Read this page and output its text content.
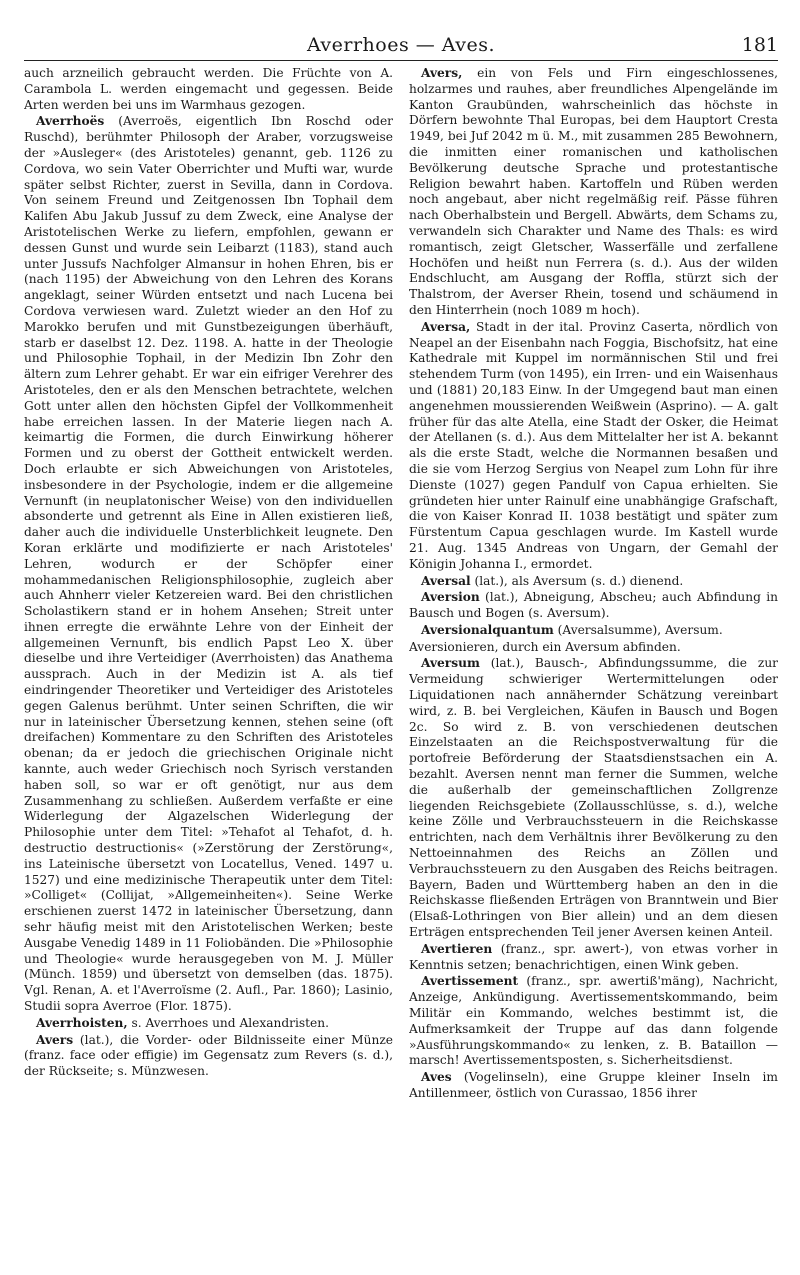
Averrhoes — Aves.	181

auch arzneilich gebraucht werden. Die Früchte von A. Carambola L. werden eingemacht und gegessen. Beide Arten werden bei uns im Warmhaus gezogen.

Averrhoës (Averroës, eigentlich Ibn Roschd oder Ruschd), berühmter Philosoph der Araber, vorzugsweise der »Ausleger« (des Aristoteles) genannt, geb. 1126 zu Cordova, wo sein Vater Oberrichter und Mufti war, wurde später selbst Richter, zuerst in Sevilla, dann in Cordova. Von seinem Freund und Zeitgenossen Ibn Tophail dem Kalifen Abu Jakub Jussuf zu dem Zweck, eine Analyse der Aristotelischen Werke zu liefern, empfohlen, gewann er dessen Gunst und wurde sein Leibarzt (1183), stand auch unter Jussufs Nachfolger Almansur in hohen Ehren, bis er (nach 1195) der Abweichung von den Lehren des Korans angeklagt, seiner Würden entsetzt und nach Lucena bei Cordova verwiesen ward. Zuletzt wieder an den Hof zu Marokko berufen und mit Gunstbezeigungen überhäuft, starb er daselbst 12. Dez. 1198. A. hatte in der Theologie und Philosophie Tophail, in der Medizin Ibn Zohr den ältern zum Lehrer gehabt. Er war ein eifriger Verehrer des Aristoteles, den er als den Menschen betrachtete, welchen Gott unter allen den höchsten Gipfel der Vollkommenheit habe erreichen lassen. In der Materie liegen nach A. keimartig die Formen, die durch Einwirkung höherer Formen und zu oberst der Gottheit entwickelt werden. Doch erlaubte er sich Abweichungen von Aristoteles, insbesondere in der Psychologie, indem er die allgemeine Vernunft (in neuplatonischer Weise) von den individuellen absonderte und getrennt als Eine in Allen existieren ließ, daher auch die individuelle Unsterblichkeit leugnete. Den Koran erklärte und modifizierte er nach Aristoteles' Lehren, wodurch er der Schöpfer einer mohammedanischen Religionsphilosophie, zugleich aber auch Ahnherr vieler Ketzereien ward. Bei den christlichen Scholastikern stand er in hohem Ansehen; Streit unter ihnen erregte die erwähnte Lehre von der Einheit der allgemeinen Vernunft, bis endlich Papst Leo X. über dieselbe und ihre Verteidiger (Averrhoisten) das Anathema aussprach. Auch in der Medizin ist A. als tief eindringender Theoretiker und Verteidiger des Aristoteles gegen Galenus berühmt. Unter seinen Schriften, die wir nur in lateinischer Übersetzung kennen, stehen seine (oft dreifachen) Kommentare zu den Schriften des Aristoteles obenan; da er jedoch die griechischen Originale nicht kannte, auch weder Griechisch noch Syrisch verstanden haben soll, so war er oft genötigt, nur aus dem Zusammenhang zu schließen. Außerdem verfaßte er eine Widerlegung der Algazelschen Widerlegung der Philosophie unter dem Titel: »Tehafot al Tehafot, d. h. destructio destructionis« (»Zerstörung der Zerstörung«, ins Lateinische übersetzt von Locatellus, Vened. 1497 u. 1527) und eine medizinische Therapeutik unter dem Titel: »Colliget« (Collijat, »Allgemeinheiten«). Seine Werke erschienen zuerst 1472 in lateinischer Übersetzung, dann sehr häufig meist mit den Aristotelischen Werken; beste Ausgabe Venedig 1489 in 11 Foliobänden. Die »Philosophie und Theologie« wurde herausgegeben von M. J. Müller (Münch. 1859) und übersetzt von demselben (das. 1875). Vgl. Renan, A. et l'Averroïsme (2. Aufl., Par. 1860); Lasinio, Studii sopra Averroe (Flor. 1875).

Averrhoisten, s. Averrhoes und Alexandristen.

Avers (lat.), die Vorder- oder Bildnisseite einer Münze (franz. face oder effigie) im Gegensatz zum Revers (s. d.), der Rückseite; s. Münzwesen.

Avers, ein von Fels und Firn eingeschlossenes, holzarmes und rauhes, aber freundliches Alpengelände im Kanton Graubünden, wahrscheinlich das höchste in Dörfern bewohnte Thal Europas, bei dem Hauptort Cresta 1949, bei Juf 2042 m ü. M., mit zusammen 285 Bewohnern, die inmitten einer romanischen und katholischen Bevölkerung deutsche Sprache und protestantische Religion bewahrt haben. Kartoffeln und Rüben werden noch angebaut, aber nicht regelmäßig reif. Pässe führen nach Oberhalbstein und Bergell. Abwärts, dem Schams zu, verwandeln sich Charakter und Name des Thals: es wird romantisch, zeigt Gletscher, Wasserfälle und zerfallene Hochöfen und heißt nun Ferrera (s. d.). Aus der wilden Endschlucht, am Ausgang der Roffla, stürzt sich der Thalstrom, der Averser Rhein, tosend und schäumend in den Hinterrhein (noch 1089 m hoch).

Aversa, Stadt in der ital. Provinz Caserta, nördlich von Neapel an der Eisenbahn nach Foggia, Bischofsitz, hat eine Kathedrale mit Kuppel im normännischen Stil und frei stehendem Turm (von 1495), ein Irren- und ein Waisenhaus und (1881) 20,183 Einw. In der Umgegend baut man einen angenehmen moussierenden Weißwein (Asprino). — A. galt früher für das alte Atella, eine Stadt der Osker, die Heimat der Atellanen (s. d.). Aus dem Mittelalter her ist A. bekannt als die erste Stadt, welche die Normannen besaßen und die sie vom Herzog Sergius von Neapel zum Lohn für ihre Dienste (1027) gegen Pandulf von Capua erhielten. Sie gründeten hier unter Rainulf eine unabhängige Grafschaft, die von Kaiser Konrad II. 1038 bestätigt und später zum Fürstentum Capua geschlagen wurde. Im Kastell wurde 21. Aug. 1345 Andreas von Ungarn, der Gemahl der Königin Johanna I., ermordet.

Aversal (lat.), als Aversum (s. d.) dienend.

Aversion (lat.), Abneigung, Abscheu; auch Abfindung in Bausch und Bogen (s. Aversum).

Aversionalquantum (Aversalsumme), Aversum.

Aversionieren, durch ein Aversum abfinden.

Aversum (lat.), Bausch-, Abfindungssumme, die zur Vermeidung schwieriger Wertermittelungen oder Liquidationen nach annähernder Schätzung vereinbart wird, z. B. bei Vergleichen, Käufen in Bausch und Bogen 2c. So wird z. B. von verschiedenen deutschen Einzelstaaten an die Reichspostverwaltung für die portofreie Beförderung der Staatsdienstsachen ein A. bezahlt. Aversen nennt man ferner die Summen, welche die außerhalb der gemeinschaftlichen Zollgrenze liegenden Reichsgebiete (Zollausschlüsse, s. d.), welche keine Zölle und Verbrauchssteuern in die Reichskasse entrichten, nach dem Verhältnis ihrer Bevölkerung zu den Nettoeinnahmen des Reichs an Zöllen und Verbrauchssteuern zu den Ausgaben des Reichs beitragen. Bayern, Baden und Württemberg haben an den in die Reichskasse fließenden Erträgen von Branntwein und Bier (Elsaß-Lothringen von Bier allein) und an dem diesen Erträgen entsprechenden Teil jener Aversen keinen Anteil.

Avertieren (franz., spr. awert-), von etwas vorher in Kenntnis setzen; benachrichtigen, einen Wink geben.

Avertissement (franz., spr. awertiß'mäng), Nachricht, Anzeige, Ankündigung. Avertissementskommando, beim Militär ein Kommando, welches bestimmt ist, die Aufmerksamkeit der Truppe auf das dann folgende »Ausführungskommando« zu lenken, z. B. Bataillon — marsch! Avertissementsposten, s. Sicherheitsdienst.

Aves (Vogelinseln), eine Gruppe kleiner Inseln im Antillenmeer, östlich von Curassao, 1856 ihrer
